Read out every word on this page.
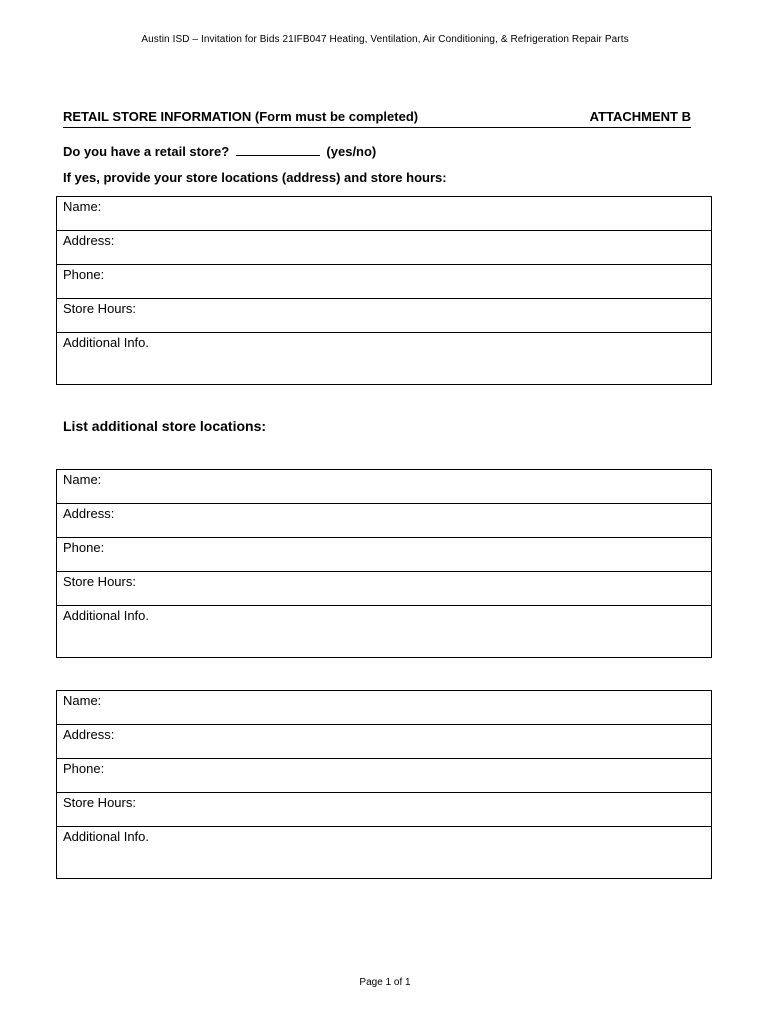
Austin ISD – Invitation for Bids 21IFB047 Heating, Ventilation, Air Conditioning, & Refrigeration Repair Parts
RETAIL STORE INFORMATION (Form must be completed)	ATTACHMENT B
Do you have a retail store?	(yes/no)
If yes, provide your store locations (address) and store hours:
Name:
Address:
Phone:
Store Hours:
Additional Info.
List additional store locations:
Name:
Address:
Phone:
Store Hours:
Additional Info.
Name:
Address:
Phone:
Store Hours:
Additional Info.
Page 1 of 1
